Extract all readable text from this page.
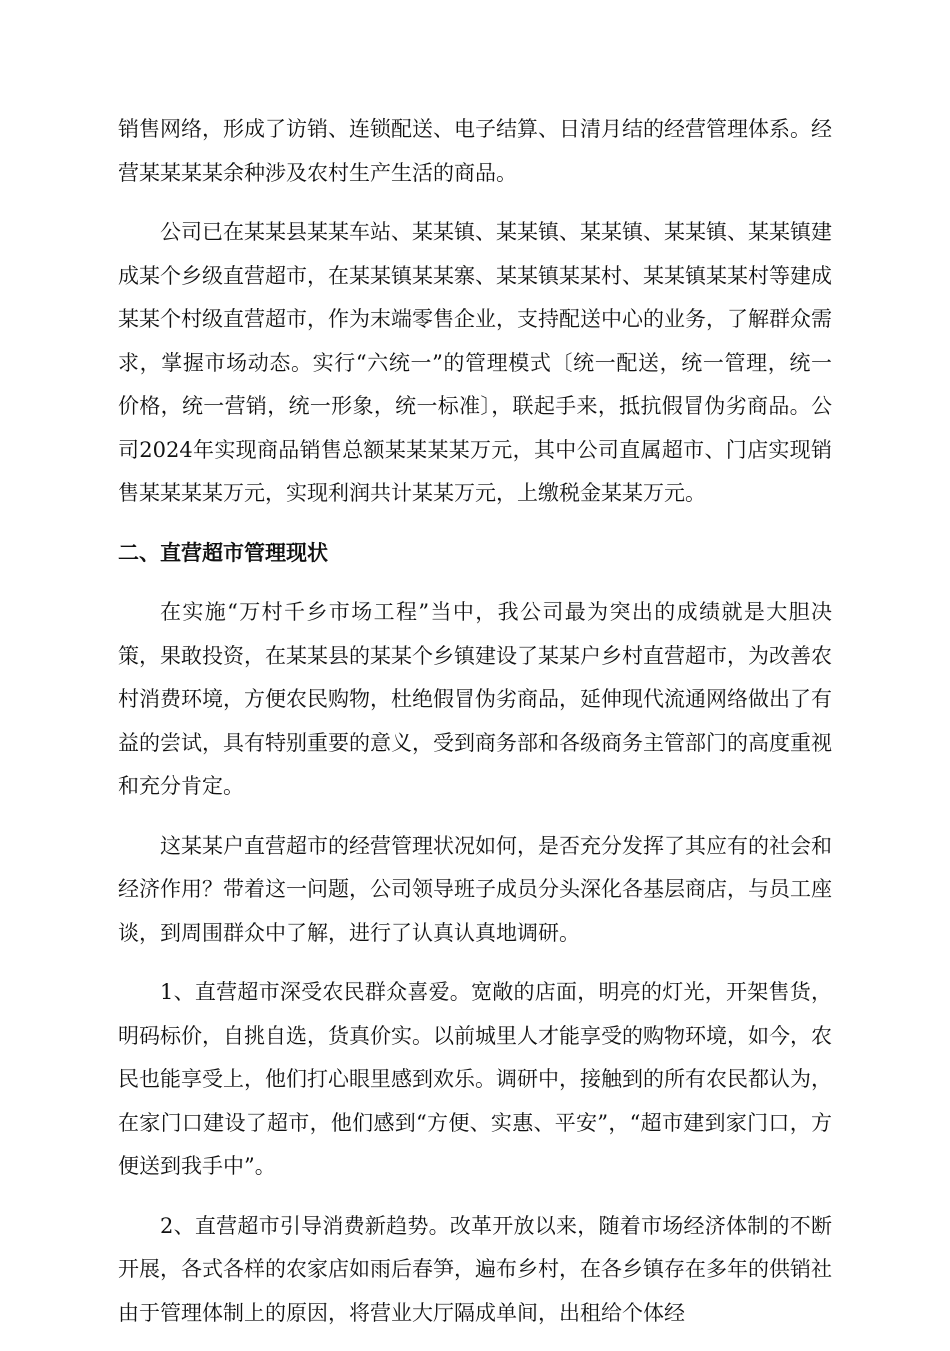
销售网络，形成了访销、连锁配送、电子结算、日清月结的经营管理体系。经营某某某某余种涉及农村生产生活的商品。

公司已在某某县某某车站、某某镇、某某镇、某某镇、某某镇、某某镇建成某个乡级直营超市，在某某镇某某寨、某某镇某某村、某某镇某某村等建成某某个村级直营超市，作为末端零售企业，支持配送中心的业务，了解群众需求，掌握市场动态。实行“六统一”的管理模式〔统一配送，统一管理，统一价格，统一营销，统一形象，统一标准〕，联起手来，抵抗假冒伪劣商品。公司2024年实现商品销售总额某某某某万元，其中公司直属超市、门店实现销售某某某某万元，实现利润共计某某万元，上缴税金某某万元。

二、直营超市管理现状

在实施“万村千乡市场工程”当中，我公司最为突出的成绩就是大胆决策，果敢投资，在某某县的某某个乡镇建设了某某户乡村直营超市，为改善农村消费环境，方便农民购物，杜绝假冒伪劣商品，延伸现代流通网络做出了有益的尝试，具有特别重要的意义，受到商务部和各级商务主管部门的高度重视和充分肯定。

这某某户直营超市的经营管理状况如何，是否充分发挥了其应有的社会和经济作用？带着这一问题，公司领导班子成员分头深化各基层商店，与员工座谈，到周围群众中了解，进行了认真认真地调研。

1、直营超市深受农民群众喜爱。宽敞的店面，明亮的灯光，开架售货，明码标价，自挑自选，货真价实。以前城里人才能享受的购物环境，如今，农民也能享受上，他们打心眼里感到欢乐。调研中，接触到的所有农民都认为，在家门口建设了超市，他们感到“方便、实惠、平安”，“超市建到家门口，方便送到我手中”。

2、直营超市引导消费新趋势。改革开放以来，随着市场经济体制的不断开展，各式各样的农家店如雨后春笋，遍布乡村，在各乡镇存在多年的供销社由于管理体制上的原因，将营业大厅隔成单间，出租给个体经
